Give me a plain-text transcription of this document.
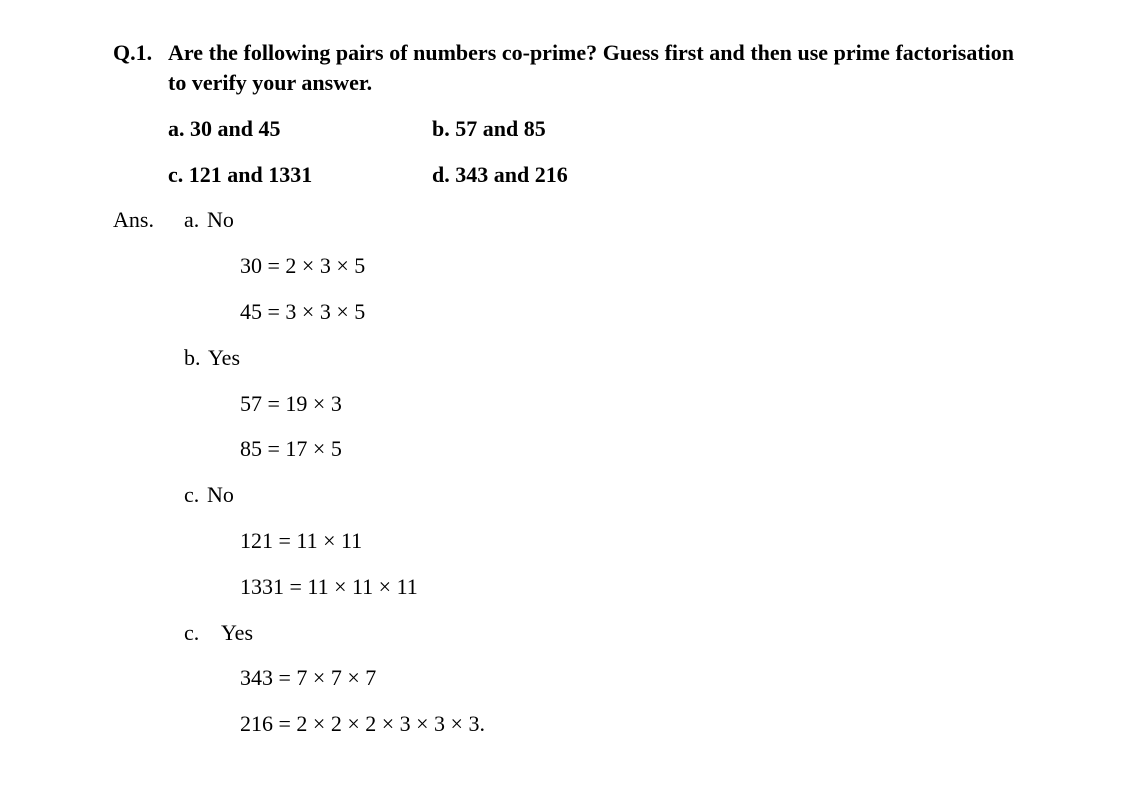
Q.1. Are the following pairs of numbers co-prime? Guess first and then use prime factorisation to verify your answer.
a. 30 and 45	b. 57 and 85
c. 121 and 1331	d. 343 and 216
Ans. a. No
30 = 2 × 3 × 5
45 = 3 × 3 × 5
b. Yes
57 = 19 × 3
85 = 17 × 5
c. No
121 = 11 × 11
1331 = 11 × 11 × 11
c. Yes
343 = 7 × 7 × 7
216 = 2 × 2 × 2 × 3 × 3 × 3.
